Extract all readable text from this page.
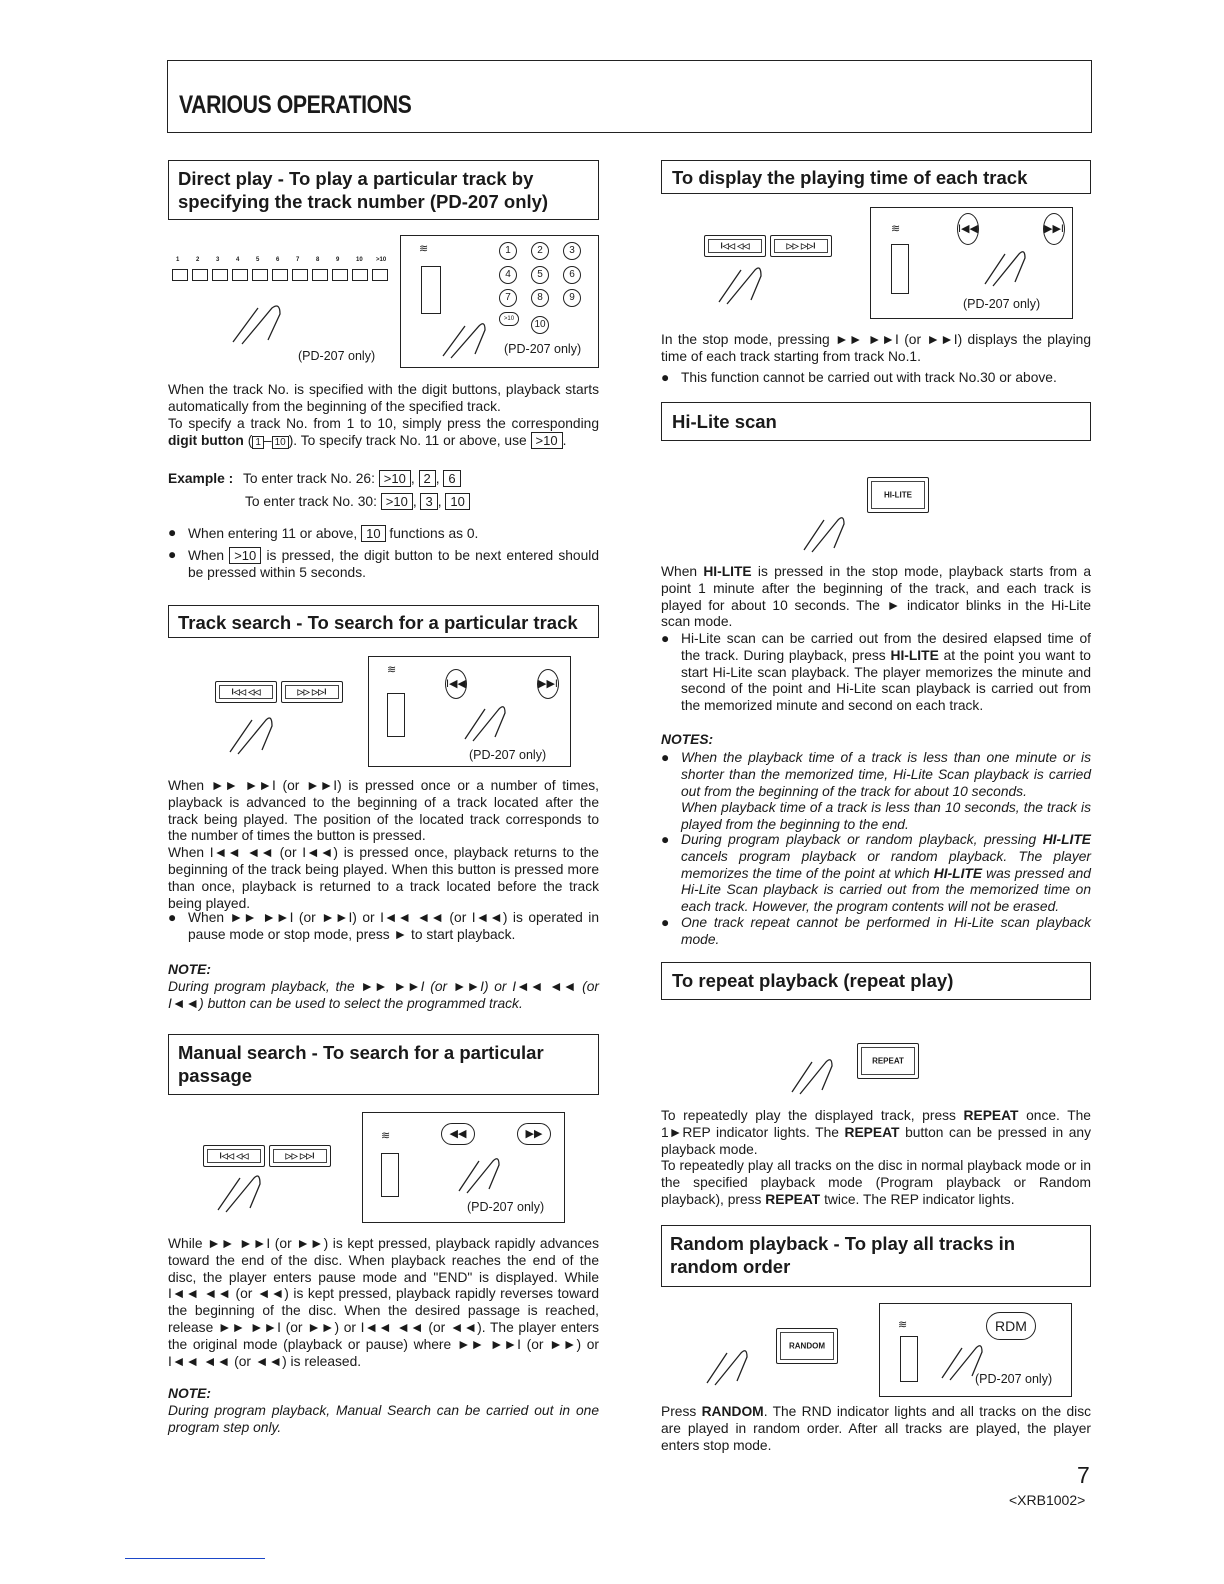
VARIOUS OPERATIONS
Direct play - To play a particular track by specifying the track number (PD-207 only)
1	2	3	4	5	6	7	8	9	10 >10
(PD-207 only)
≋	1	2	3
4	5	6
7	8	9
>10	10
(PD-207 only)
When the track No. is specified with the digit buttons, playback starts automatically from the beginning of the specified track.
To specify a track No. from 1 to 10, simply press the corresponding digit button ( 1 – 10 ). To specify track No. 11 or above, use >10 .
Example : To enter track No. 26: >10 , 2 , 6
To enter track No. 30: >10 , 3 , 10
● When entering 11 or above, 10 functions as 0.
● When >10 is pressed, the digit button to be next entered should be pressed within 5 seconds.
Track search - To search for a particular track
I◁◁ ◁◁	▷▷ ▷▷I
≋
I◀◀	▶▶I
(PD-207 only)
When ►► ►►I (or ►►I) is pressed once or a number of times, playback is advanced to the beginning of a track located after the track being played. The position of the located track corresponds to the number of times the button is pressed.
When I◄◄ ◄◄ (or I◄◄) is pressed once, playback returns to the beginning of the track being played. When this button is pressed more than once, playback is returned to a track located before the track being played.
● When ►► ►►I (or ►►I) or I◄◄ ◄◄ (or I◄◄) is operated in pause mode or stop mode, press ► to start playback.
NOTE:
During program playback, the ►► ►►I (or ►►I) or I◄◄ ◄◄ (or I◄◄) button can be used to select the programmed track.
Manual search - To search for a particular passage
I◁◁ ◁◁	▷▷ ▷▷I
≋	◀◀	▶▶
(PD-207 only)
While ►► ►►I (or ►►) is kept pressed, playback rapidly advances toward the end of the disc. When playback reaches the end of the disc, the player enters pause mode and "END" is displayed. While I◄◄ ◄◄ (or ◄◄) is kept pressed, playback rapidly reverses toward the beginning of the disc. When the desired passage is reached, release ►► ►►I (or ►►) or I◄◄ ◄◄ (or ◄◄). The player enters the original mode (playback or pause) where ►► ►►I (or ►►) or I◄◄ ◄◄ (or ◄◄) is released.
NOTE:
During program playback, Manual Search can be carried out in one program step only.
To display the playing time of each track
I◁◁ ◁◁	▷▷ ▷▷I
≋	I◀◀	▶▶I
(PD-207 only)
In the stop mode, pressing ►► ►►I (or ►►I) displays the playing time of each track starting from track No.1.
● This function cannot be carried out with track No.30 or above.
Hi-Lite scan
HI-LITE
When HI-LITE is pressed in the stop mode, playback starts from a point 1 minute after the beginning of the track, and each track is played for about 10 seconds. The ► indicator blinks in the Hi-Lite scan mode.
● Hi-Lite scan can be carried out from the desired elapsed time of the track. During playback, press HI-LITE at the point you want to start Hi-Lite scan playback. The player memorizes the minute and second of the point and Hi-Lite scan playback is carried out from the memorized minute and second on each track.
NOTES:
● When the playback time of a track is less than one minute or is shorter than the memorized time, Hi-Lite Scan playback is carried out from the beginning of the track for about 10 seconds.
When playback time of a track is less than 10 seconds, the track is played from the beginning to the end.
● During program playback or random playback, pressing HI-LITE cancels program playback or random playback. The player memorizes the time of the point at which HI-LITE was pressed and Hi-Lite Scan playback is carried out from the memorized time on each track. However, the program contents will not be erased.
● One track repeat cannot be performed in Hi-Lite scan playback mode.
To repeat playback (repeat play)
REPEAT
To repeatedly play the displayed track, press REPEAT once. The 1►REP indicator lights. The REPEAT button can be pressed in any playback mode.
To repeatedly play all tracks on the disc in normal playback mode or in the specified playback mode (Program playback or Random playback), press REPEAT twice. The REP indicator lights.
Random playback - To play all tracks in random order
RANDOM
≋	RDM
(PD-207 only)
Press RANDOM. The RND indicator lights and all tracks on the disc are played in random order. After all tracks are played, the player enters stop mode.
7
<XRB1002>
